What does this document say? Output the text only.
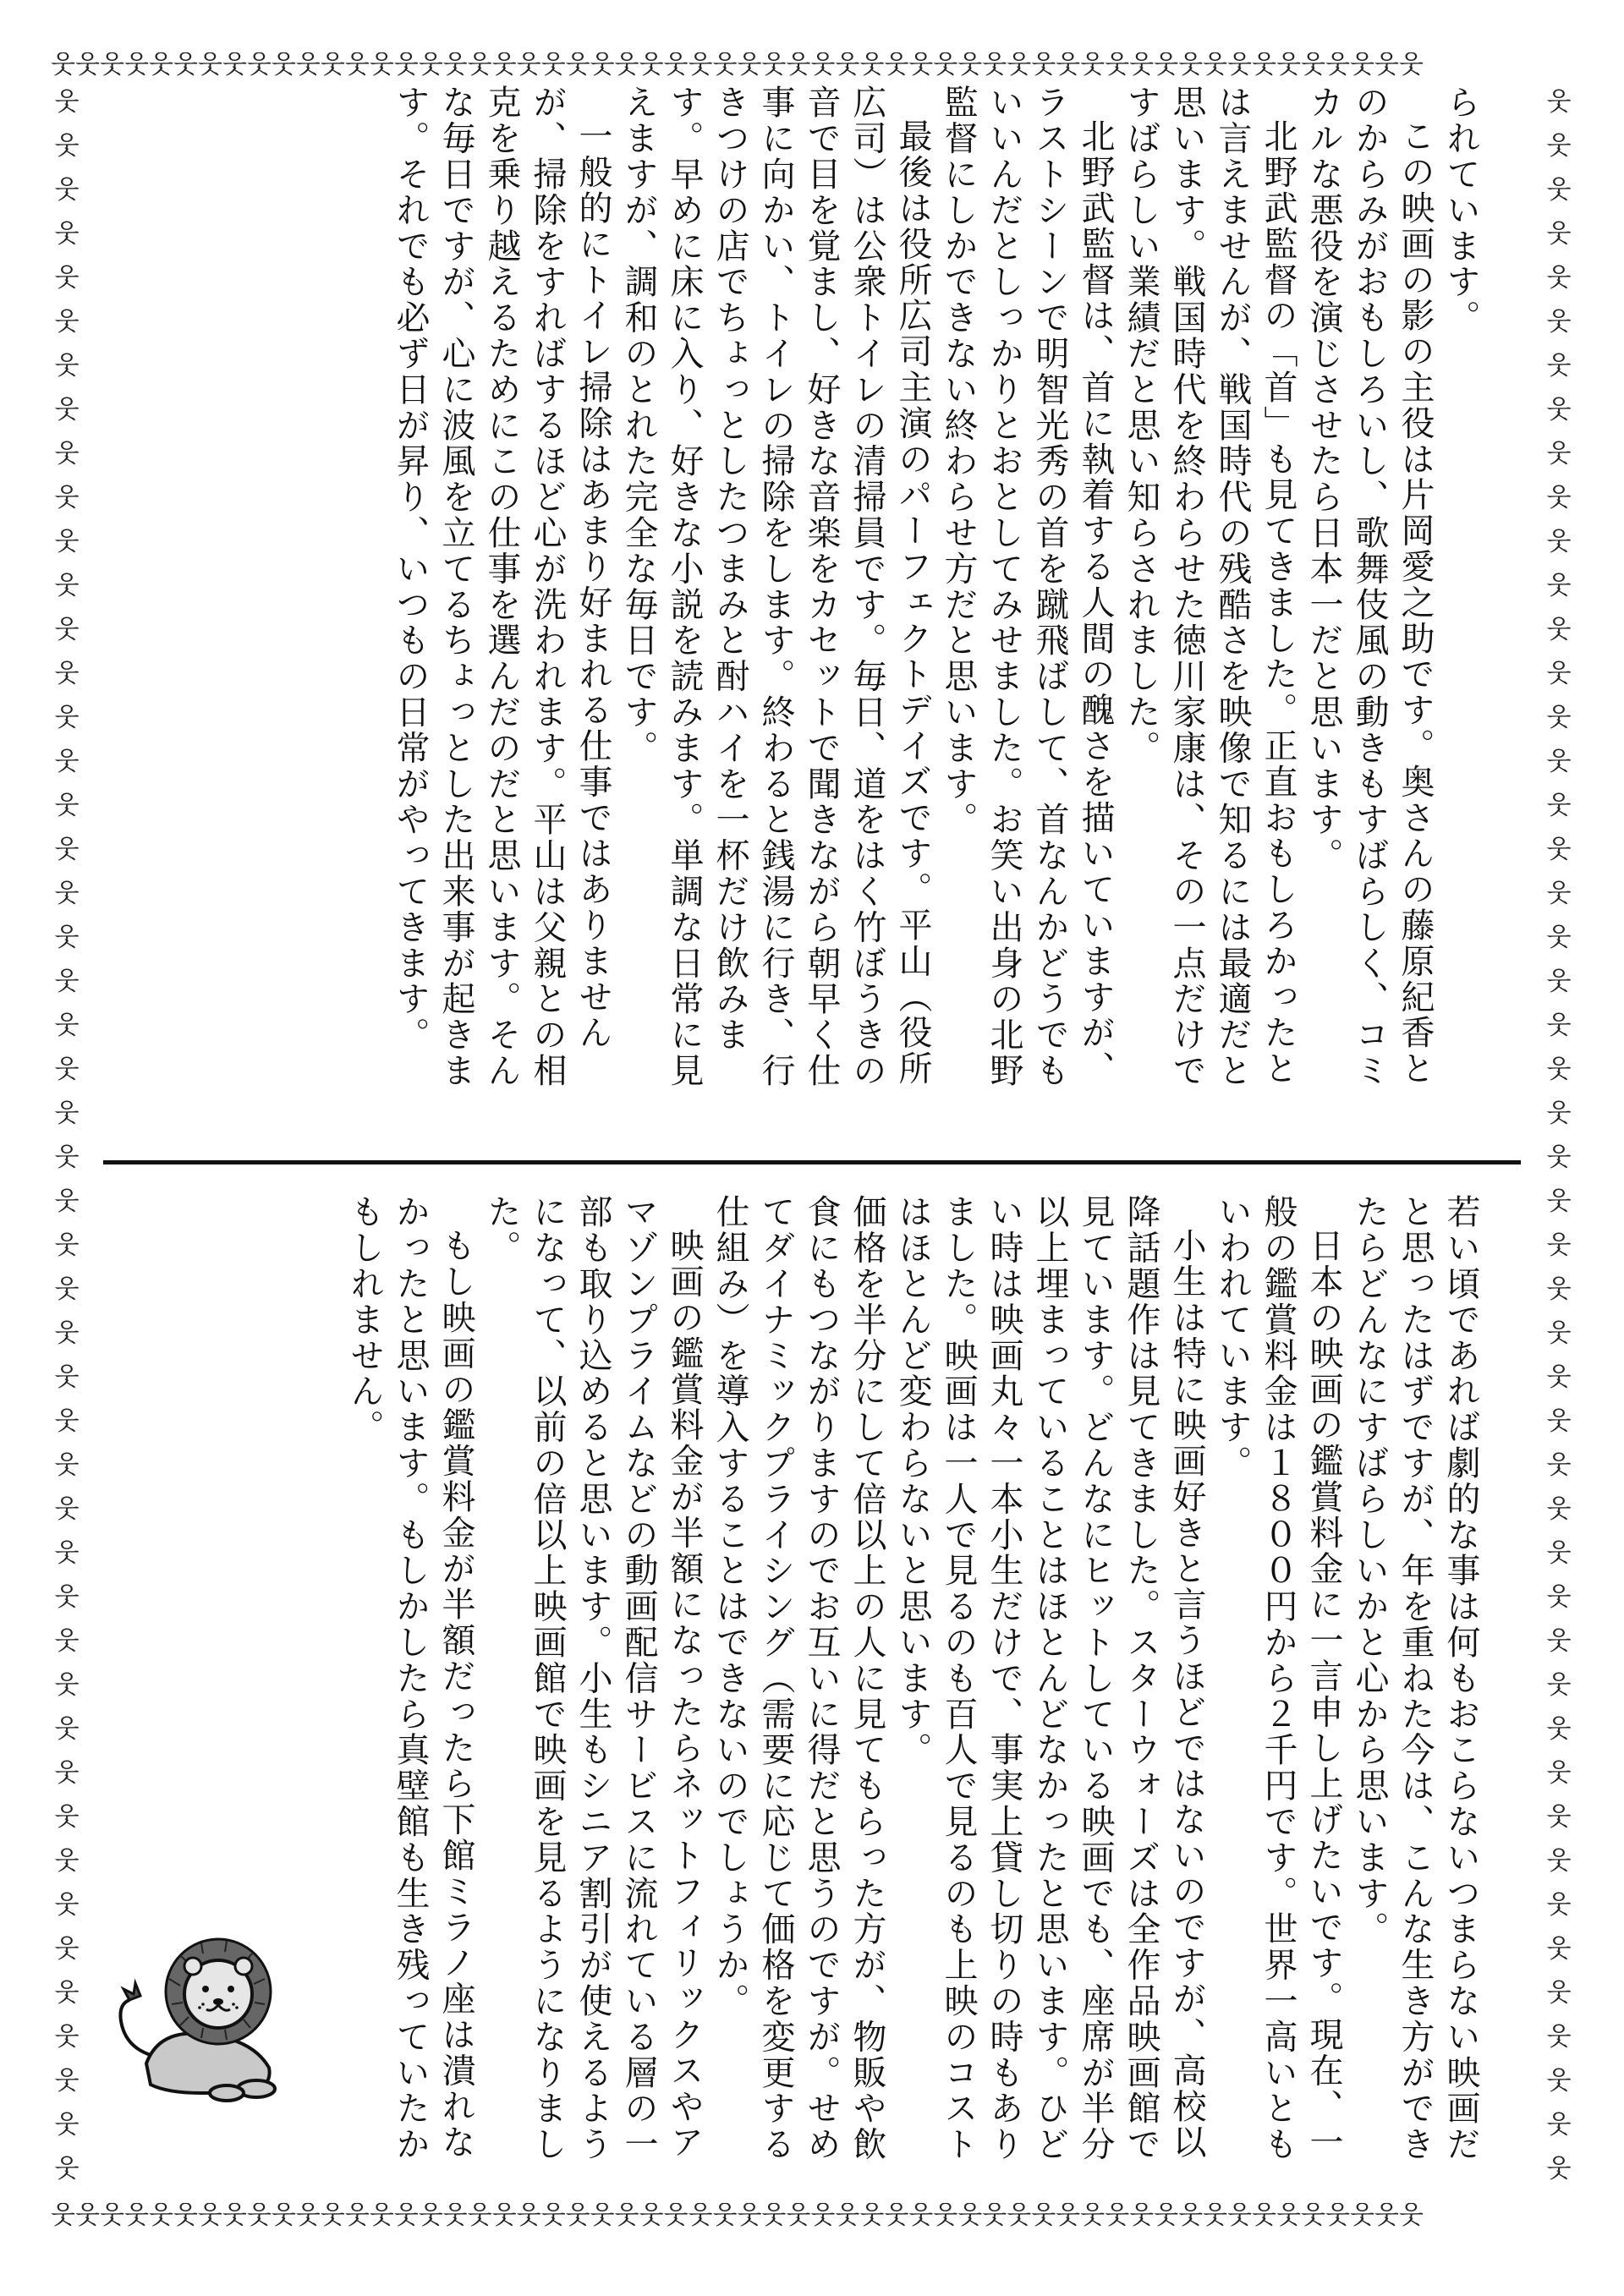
웃웃웃웃웃웃웃웃웃웃웃웃웃웃웃웃웃웃웃웃웃웃웃웃웃웃웃웃웃웃웃웃웃웃웃웃웃웃웃웃웃웃웃웃웃웃웃웃웃웃웃웃웃웃웃웃
웃웃웃웃웃웃웃웃웃웃웃웃웃웃웃웃웃웃웃웃웃웃웃웃웃웃웃웃웃웃웃웃웃웃웃웃웃웃웃웃웃웃웃웃웃웃웃웃웃웃웃웃웃웃웃웃
웃웃웃웃웃웃웃웃웃웃웃웃웃웃웃웃웃웃웃웃웃웃웃웃웃웃웃웃웃웃웃웃웃웃웃웃웃웃웃웃웃웃웃웃웃웃웃웃
웃웃웃웃웃웃웃웃웃웃웃웃웃웃웃웃웃웃웃웃웃웃웃웃웃웃웃웃웃웃웃웃웃웃웃웃웃웃웃웃웃웃웃웃웃웃웃웃

られています。

この映画の影の主役は片岡愛之助です。奥さんの藤原紀香とのからみがおもしろいし、歌舞伎風の動きもすばらしく、コミカルな悪役を演じさせたら日本一だと思います。

北野武監督の「首」も見てきました。正直おもしろかったとは言えませんが、戦国時代の残酷さを映像で知るには最適だと思います。戦国時代を終わらせた徳川家康は、その一点だけですばらしい業績だと思い知らされました。

北野武監督は、首に執着する人間の醜さを描いていますが、ラストシーンで明智光秀の首を蹴飛ばして、首なんかどうでもいいんだとしっかりとおとしてみせました。お笑い出身の北野監督にしかできない終わらせ方だと思います。

最後は役所広司主演のパーフェクトデイズです。平山（役所広司）は公衆トイレの清掃員です。毎日、道をはく竹ぼうきの音で目を覚まし、好きな音楽をカセットで聞きながら朝早く仕事に向かい、トイレの掃除をします。終わると銭湯に行き、行きつけの店でちょっとしたつまみと酎ハイを一杯だけ飲みます。早めに床に入り、好きな小説を読みます。単調な日常に見えますが、調和のとれた完全な毎日です。

一般的にトイレ掃除はあまり好まれる仕事ではありませんが、掃除をすればするほど心が洗われます。平山は父親との相克を乗り越えるためにこの仕事を選んだのだと思います。そんな毎日ですが、心に波風を立てるちょっとした出来事が起きます。それでも必ず日が昇り、いつもの日常がやってきます。

若い頃であれば劇的な事は何もおこらないつまらない映画だと思ったはずですが、年を重ねた今は、こんな生き方ができたらどんなにすばらしいかと心から思います。

日本の映画の鑑賞料金に一言申し上げたいです。現在、一般の鑑賞料金は１８００円から２千円です。世界一高いともいわれています。

小生は特に映画好きと言うほどではないのですが、高校以降話題作は見てきました。スターウォーズは全作品映画館で見ています。どんなにヒットしている映画でも、座席が半分以上埋まっていることはほとんどなかったと思います。ひどい時は映画丸々一本小生だけで、事実上貸し切りの時もありました。映画は一人で見るのも百人で見るのも上映のコストはほとんど変わらないと思います。

価格を半分にして倍以上の人に見てもらった方が、物販や飲食にもつながりますのでお互いに得だと思うのですが。せめてダイナミックプライシング（需要に応じて価格を変更する仕組み）を導入することはできないのでしょうか。

映画の鑑賞料金が半額になったらネットフィリックスやアマゾンプライムなどの動画配信サービスに流れている層の一部も取り込めると思います。小生もシニア割引が使えるようになって、以前の倍以上映画館で映画を見るようになりました。

もし映画の鑑賞料金が半額だったら下館ミラノ座は潰れなかったと思います。もしかしたら真壁館も生き残っていたかもしれません。
